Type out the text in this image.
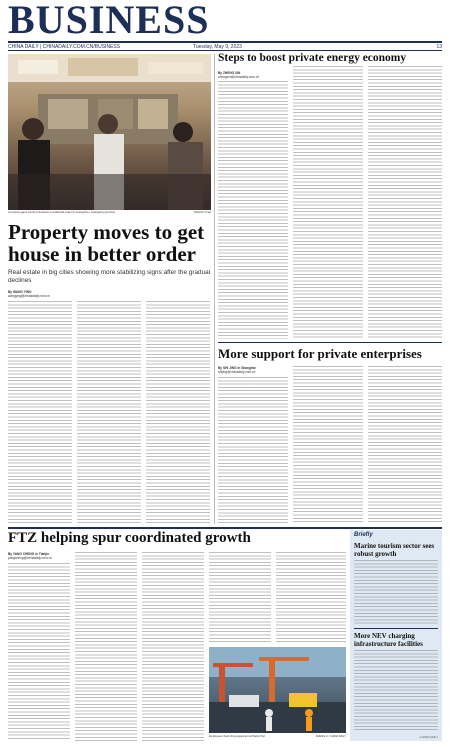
BUSINESS
CHINA DAILY | CHINADAILY.COM.CN/BUSINESS	Tuesday, May 9, 2023	13
A property agent (center) introduces a residential project in Guangzhou, Guangdong province.	XINHUA / FILE
Property moves to get house in better order
Real estate in big cities showing more stabilizing signs after the gradual declines
By WANG YING
wangying@chinadaily.com.cn
Steps to boost private energy economy
By ZHENG XIN
zhengxin@chinadaily.com.cn
More support for private enterprises
By SHI JING in Shanghai
shijing@chinadaily.com.cn
FTZ helping spur coordinated growth
By YANG CHENG in Tianjin
yangcheng@chinadaily.com.cn
Employees check tiring equipment at Tianjin Port.	ZHENG LI / CHINA DAILY
Briefly
Marine tourism sector sees robust growth
More NEV charging infrastructure facilities
CHINA DAILY
